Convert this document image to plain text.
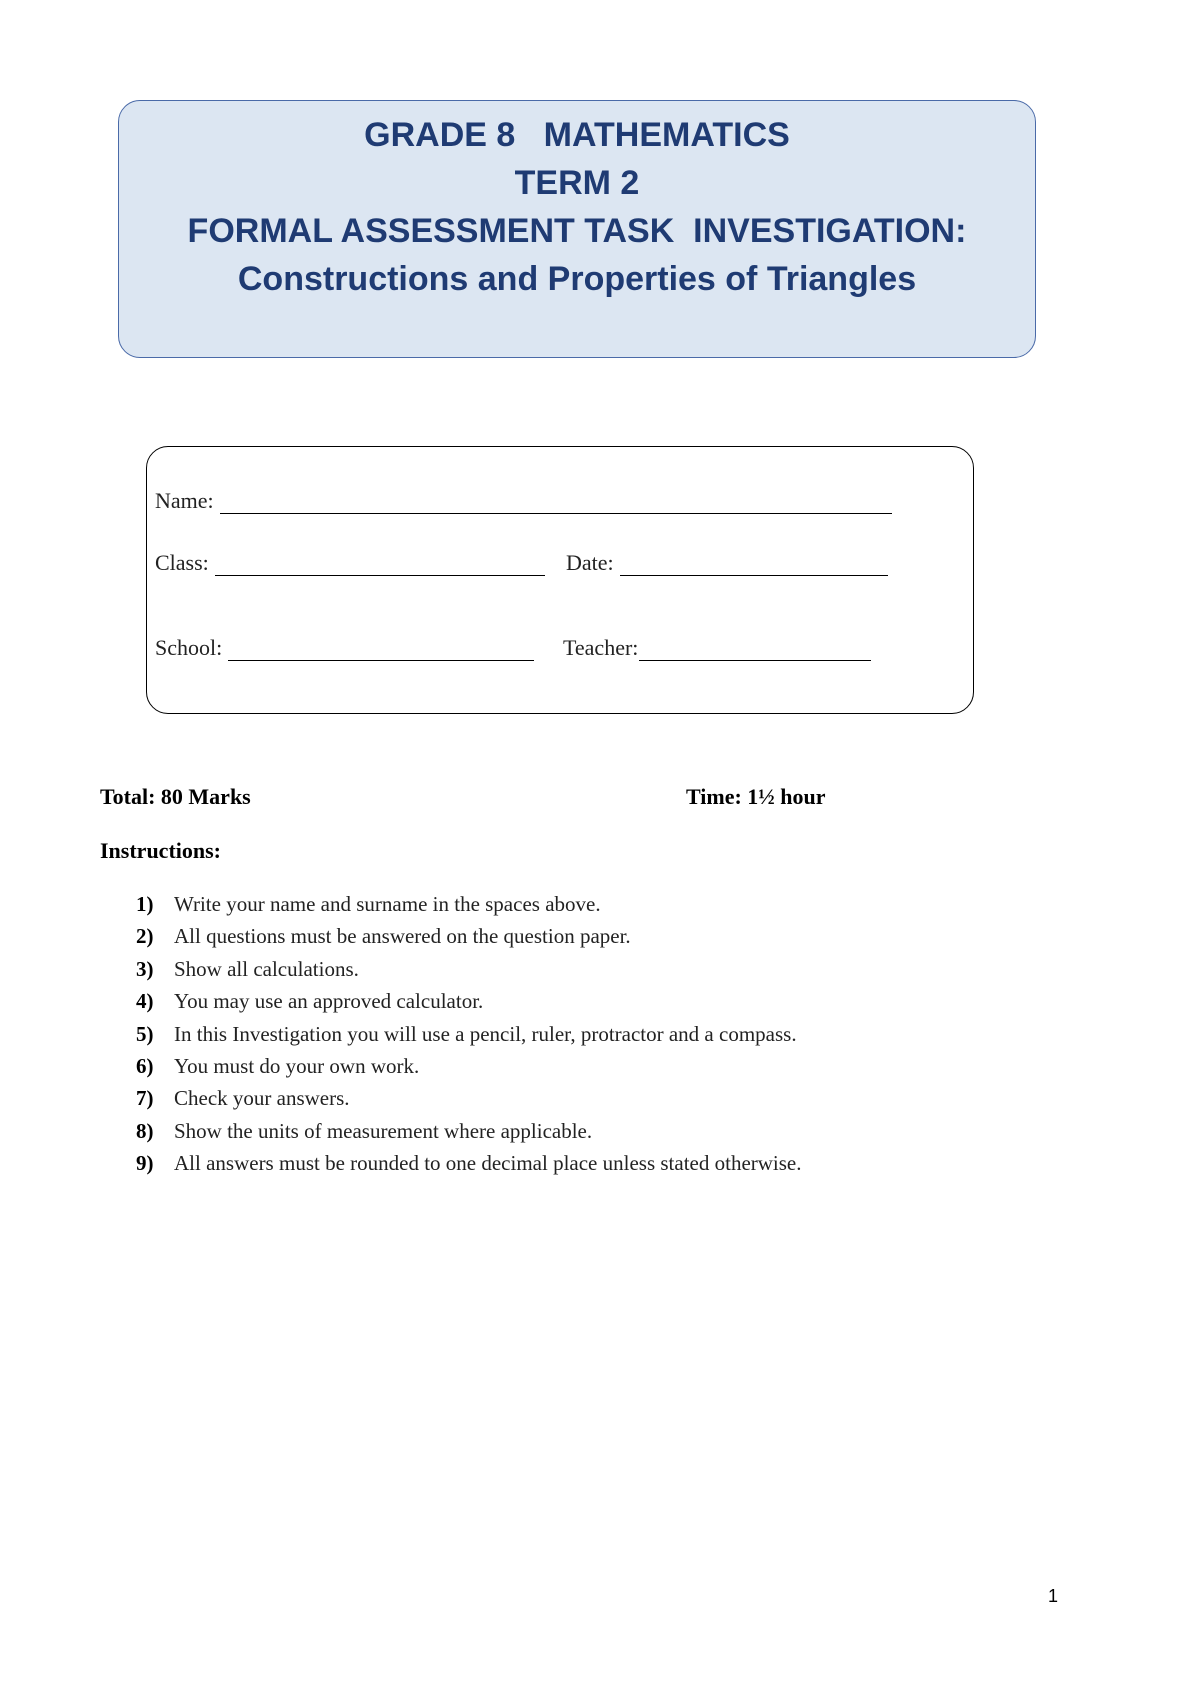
GRADE 8   MATHEMATICS
TERM 2
FORMAL ASSESSMENT TASK  INVESTIGATION:
Constructions and Properties of Triangles
Name:
Class:	Date:
School:	Teacher:
Total: 80 Marks	Time: 1½ hour
Instructions:
1) Write your name and surname in the spaces above.
2) All questions must be answered on the question paper.
3) Show all calculations.
4) You may use an approved calculator.
5) In this Investigation you will use a pencil, ruler, protractor and a compass.
6) You must do your own work.
7) Check your answers.
8) Show the units of measurement where applicable.
9) All answers must be rounded to one decimal place unless stated otherwise.
1
